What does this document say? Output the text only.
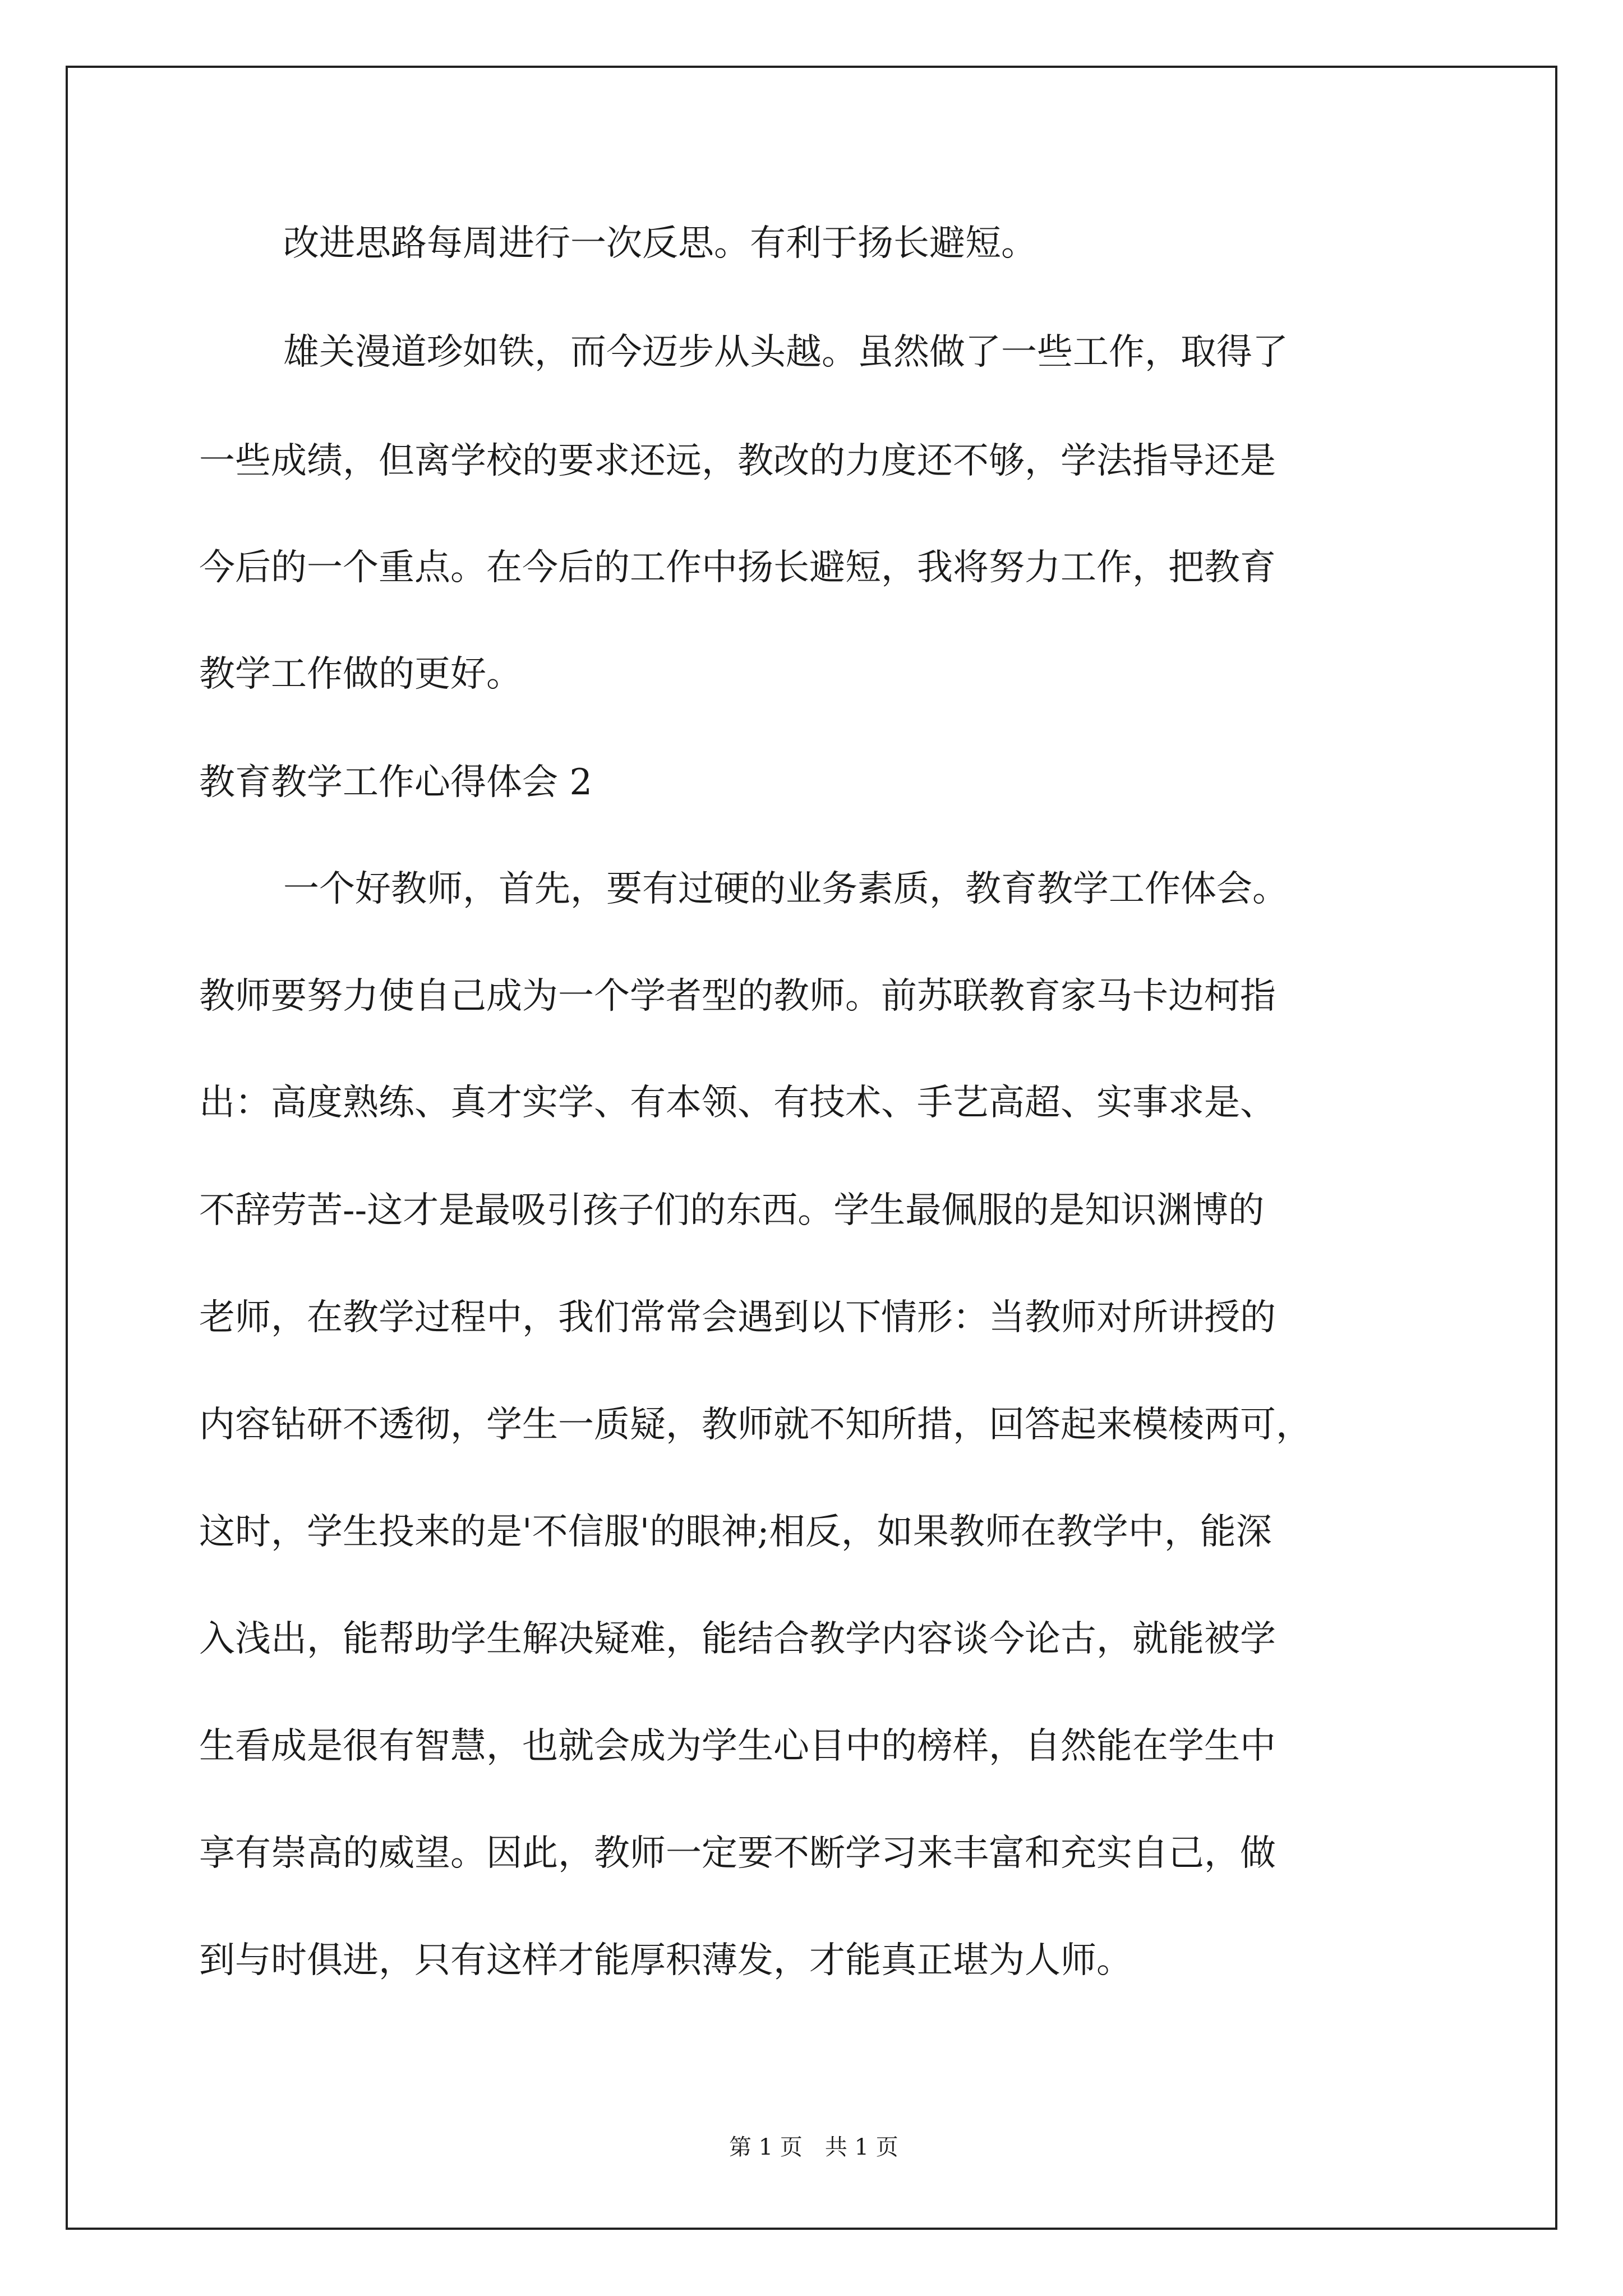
改进思路每周进行一次反思。有利于扬长避短。
雄关漫道珍如铁，而今迈步从头越。虽然做了一些工作，取得了
一些成绩，但离学校的要求还远，教改的力度还不够，学法指导还是
今后的一个重点。在今后的工作中扬长避短，我将努力工作，把教育
教学工作做的更好。
教育教学工作心得体会 2
一个好教师，首先，要有过硬的业务素质，教育教学工作体会。
教师要努力使自己成为一个学者型的教师。前苏联教育家马卡边柯指
出：高度熟练、真才实学、有本领、有技术、手艺高超、实事求是、
不辞劳苦--这才是最吸引孩子们的东西。学生最佩服的是知识渊博的
老师，在教学过程中，我们常常会遇到以下情形：当教师对所讲授的
内容钻研不透彻，学生一质疑，教师就不知所措，回答起来模棱两可，
这时，学生投来的是'不信服'的眼神;相反，如果教师在教学中，能深
入浅出，能帮助学生解决疑难，能结合教学内容谈今论古，就能被学
生看成是很有智慧，也就会成为学生心目中的榜样，自然能在学生中
享有崇高的威望。因此，教师一定要不断学习来丰富和充实自己，做
到与时俱进，只有这样才能厚积薄发，才能真正堪为人师。
第 1 页　共 1 页
